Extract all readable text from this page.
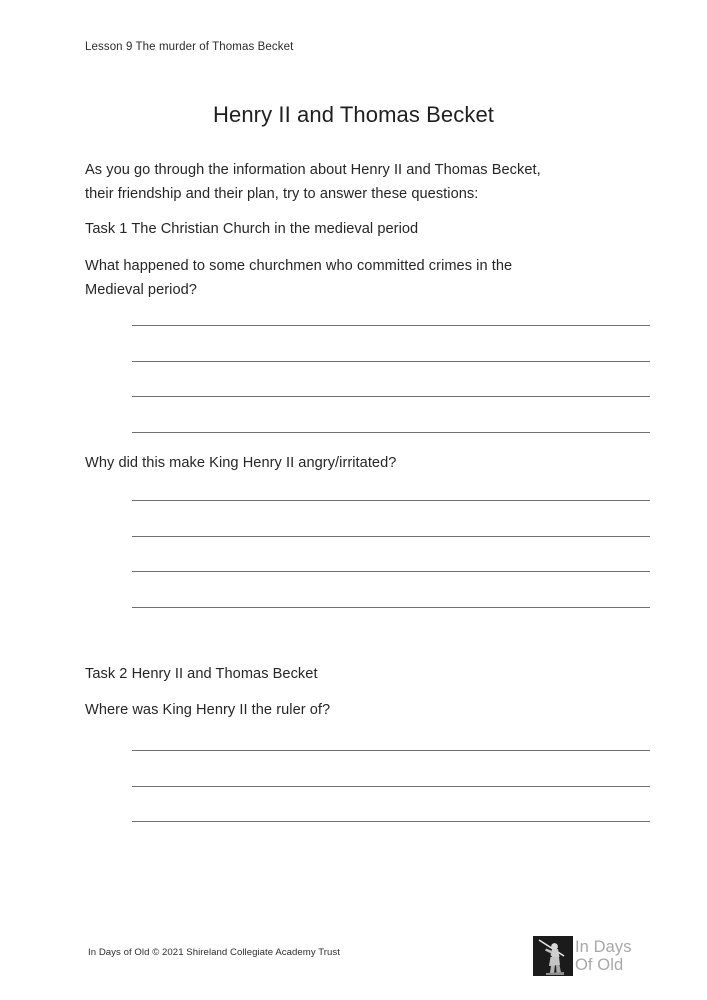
Lesson 9 The murder of Thomas Becket
Henry II and Thomas Becket
As you go through the information about Henry II and Thomas Becket,
their friendship and their plan, try to answer these questions:
Task 1 The Christian Church in the medieval period
What happened to some churchmen who committed crimes in the
Medieval period?
Why did this make King Henry II angry/irritated?
Task 2 Henry II and Thomas Becket
Where was King Henry II the ruler of?
In Days of Old © 2021 Shireland Collegiate Academy Trust	In Days
Of Old
